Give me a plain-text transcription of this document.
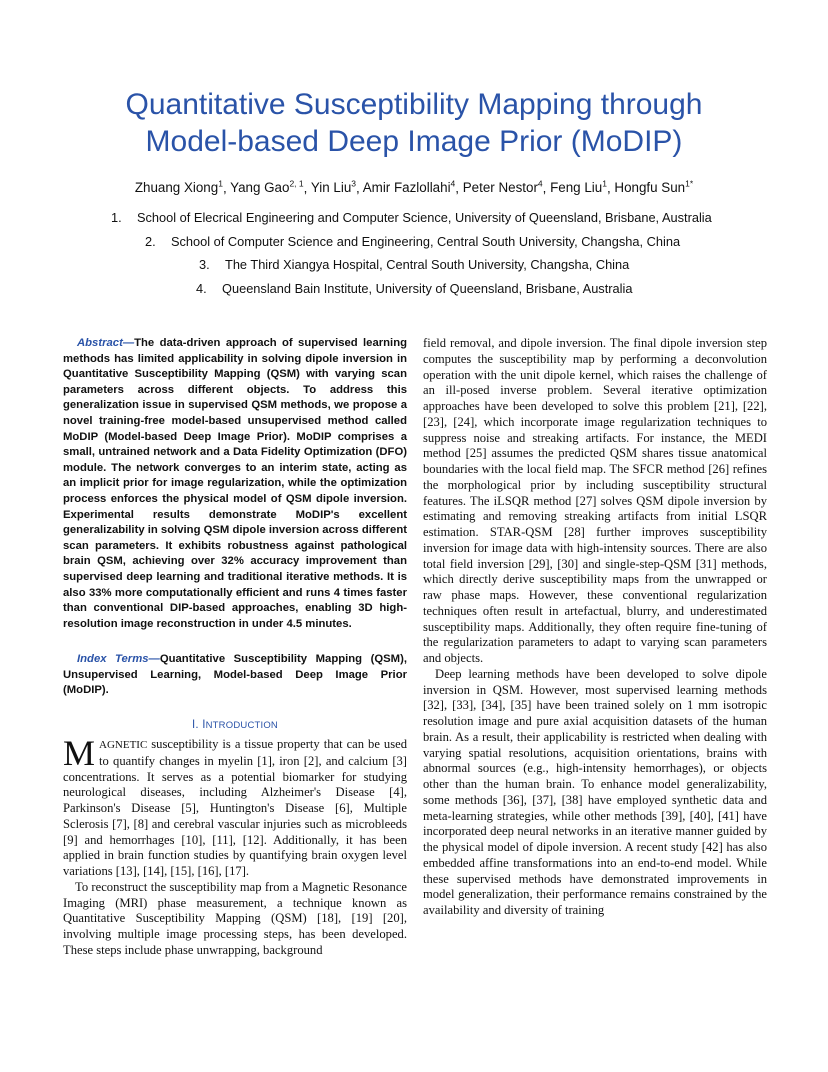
Quantitative Susceptibility Mapping through
Model-based Deep Image Prior (MoDIP)
Zhuang Xiong$^1$, Yang Gao$^{2, 1}$, Yin Liu$^3$, Amir Fazlollahi$^4$, Peter Nestor$^4$, Feng Liu$^1$, Hongfu Sun$^{1*}$
1. School of Elecrical Engineering and Computer Science, University of Queensland, Brisbane, Australia
2. School of Computer Science and Engineering, Central South University, Changsha, China
3. The Third Xiangya Hospital, Central South University, Changsha, China
4. Queensland Bain Institute, University of Queensland, Brisbane, Australia

Abstract—The data-driven approach of supervised learning methods has limited applicability in solving dipole inversion in Quantitative Susceptibility Mapping (QSM) with varying scan parameters across different objects. To address this generalization issue in supervised QSM methods, we propose a novel training-free model-based unsupervised method called MoDIP (Model-based Deep Image Prior). MoDIP comprises a small, untrained network and a Data Fidelity Optimization (DFO) module. The network converges to an interim state, acting as an implicit prior for image regularization, while the optimization process enforces the physical model of QSM dipole inversion. Experimental results demonstrate MoDIP's excellent generalizability in solving QSM dipole inversion across different scan parameters. It exhibits robustness against pathological brain QSM, achieving over 32% accuracy improvement than supervised deep learning and traditional iterative methods. It is also 33% more computationally efficient and runs 4 times faster than conventional DIP-based approaches, enabling 3D high-resolution image reconstruction in under 4.5 minutes.

Index Terms—Quantitative Susceptibility Mapping (QSM), Unsupervised Learning, Model-based Deep Image Prior (MoDIP).

I. INTRODUCTION

MAGNETIC susceptibility is a tissue property that can be used to quantify changes in myelin [1], iron [2], and calcium [3] concentrations. It serves as a potential biomarker for studying neurological diseases, including Alzheimer's Disease [4], Parkinson's Disease [5], Huntington's Disease [6], Multiple Sclerosis [7], [8] and cerebral vascular injuries such as microbleeds [9] and hemorrhages [10], [11], [12]. Additionally, it has been applied in brain function studies by quantifying brain oxygen level variations [13], [14], [15], [16], [17].

To reconstruct the susceptibility map from a Magnetic Resonance Imaging (MRI) phase measurement, a technique known as Quantitative Susceptibility Mapping (QSM) [18], [19] [20], involving multiple image processing steps, has been developed. These steps include phase unwrapping, background

field removal, and dipole inversion. The final dipole inversion step computes the susceptibility map by performing a deconvolution operation with the unit dipole kernel, which raises the challenge of an ill-posed inverse problem. Several iterative optimization approaches have been developed to solve this problem [21], [22], [23], [24], which incorporate image regularization techniques to suppress noise and streaking artifacts. For instance, the MEDI method [25] assumes the predicted QSM shares tissue anatomical boundaries with the local field map. The SFCR method [26] refines the morphological prior by including susceptibility structural features. The iLSQR method [27] solves QSM dipole inversion by estimating and removing streaking artifacts from initial LSQR estimation. STAR-QSM [28] further improves susceptibility inversion for image data with high-intensity sources. There are also total field inversion [29], [30] and single-step-QSM [31] methods, which directly derive susceptibility maps from the unwrapped or raw phase maps. However, these conventional regularization techniques often result in artefactual, blurry, and underestimated susceptibility maps. Additionally, they often require fine-tuning of the regularization parameters to adapt to varying scan parameters and objects.

Deep learning methods have been developed to solve dipole inversion in QSM. However, most supervised learning methods [32], [33], [34], [35] have been trained solely on 1 mm isotropic resolution image and pure axial acquisition datasets of the human brain. As a result, their applicability is restricted when dealing with varying spatial resolutions, acquisition orientations, brains with abnormal sources (e.g., high-intensity hemorrhages), or objects other than the human brain. To enhance model generalizability, some methods [36], [37], [38] have employed synthetic data and meta-learning strategies, while other methods [39], [40], [41] have incorporated deep neural networks in an iterative manner guided by the physical model of dipole inversion. A recent study [42] has also embedded affine transformations into an end-to-end model. While these supervised methods have demonstrated improvements in model generalization, their performance remains constrained by the availability and diversity of training
